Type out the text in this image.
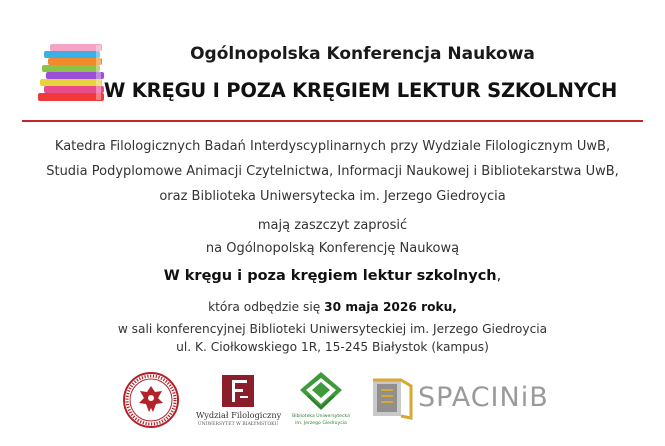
Ogólnopolska Konferencja Naukowa
W KRĘGU I POZA KRĘGIEM LEKTUR SZKOLNYCH
Katedra Filologicznych Badań Interdyscyplinarnych przy Wydziale Filologicznym UwB,
Studia Podyplomowe Animacji Czytelnictwa, Informacji Naukowej i Bibliotekarstwa UwB,
oraz Biblioteka Uniwersytecka im. Jerzego Giedroycia
mają zaszczyt zaprosić
na Ogólnopolską Konferencję Naukową
W kręgu i poza kręgiem lektur szkolnych,
która odbędzie się 30 maja 2026 roku,
w sali konferencyjnej Biblioteki Uniwersyteckiej im. Jerzego Giedroycia
ul. K. Ciołkowskiego 1R, 15-245 Białystok (kampus)
Wydział Filologiczny
UNIWERSYTET W BIAŁYMSTOKU
Biblioteka Uniwersytecka
im. Jerzego Giedroycia
SPACINiB
